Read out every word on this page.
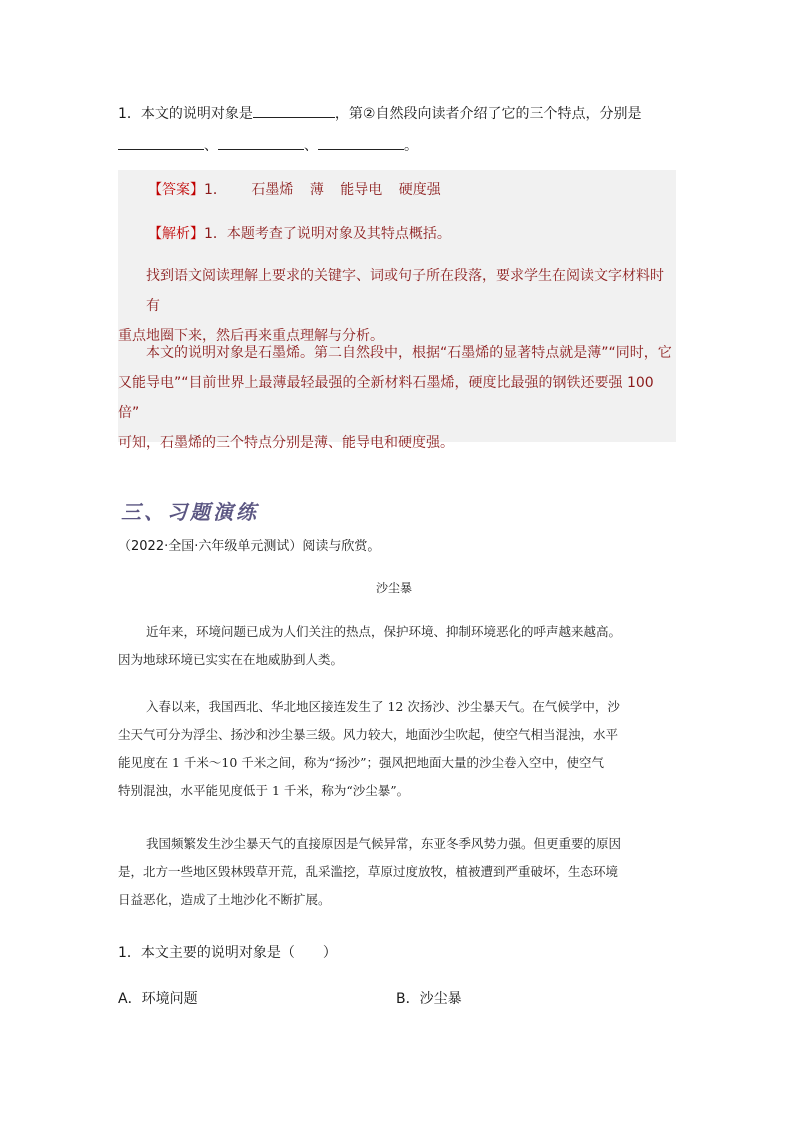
1．本文的说明对象是	，第②自然段向读者介绍了它的三个特点，分别是
、	、	。
【答案】1． 石墨烯 薄 能导电 硬度强
【解析】1．本题考查了说明对象及其特点概括。
找到语文阅读理解上要求的关键字、词或句子所在段落，要求学生在阅读文字材料时有
重点地圈下来，然后再来重点理解与分析。
本文的说明对象是石墨烯。第二自然段中，根据“石墨烯的显著特点就是薄”“同时，它
又能导电”“目前世界上最薄最轻最强的全新材料石墨烯，硬度比最强的钢铁还要强 100 倍”
可知，石墨烯的三个特点分别是薄、能导电和硬度强。
三、习题演练
（2022·全国·六年级单元测试）阅读与欣赏。
沙尘暴
近年来，环境问题已成为人们关注的热点，保护环境、抑制环境恶化的呼声越来越高。
因为地球环境已实实在在地威胁到人类。
入春以来，我国西北、华北地区接连发生了 12 次扬沙、沙尘暴天气。在气候学中，沙
尘天气可分为浮尘、扬沙和沙尘暴三级。风力较大，地面沙尘吹起，使空气相当混浊，水平
能见度在 1 千米～10 千米之间，称为“扬沙”；强风把地面大量的沙尘卷入空中，使空气
特别混浊，水平能见度低于 1 千米，称为“沙尘暴”。
我国频繁发生沙尘暴天气的直接原因是气候异常，东亚冬季风势力强。但更重要的原因
是，北方一些地区毁林毁草开荒，乱采滥挖，草原过度放牧，植被遭到严重破坏，生态环境
日益恶化，造成了土地沙化不断扩展。
1．本文主要的说明对象是（　　）
A．环境问题	B．沙尘暴
